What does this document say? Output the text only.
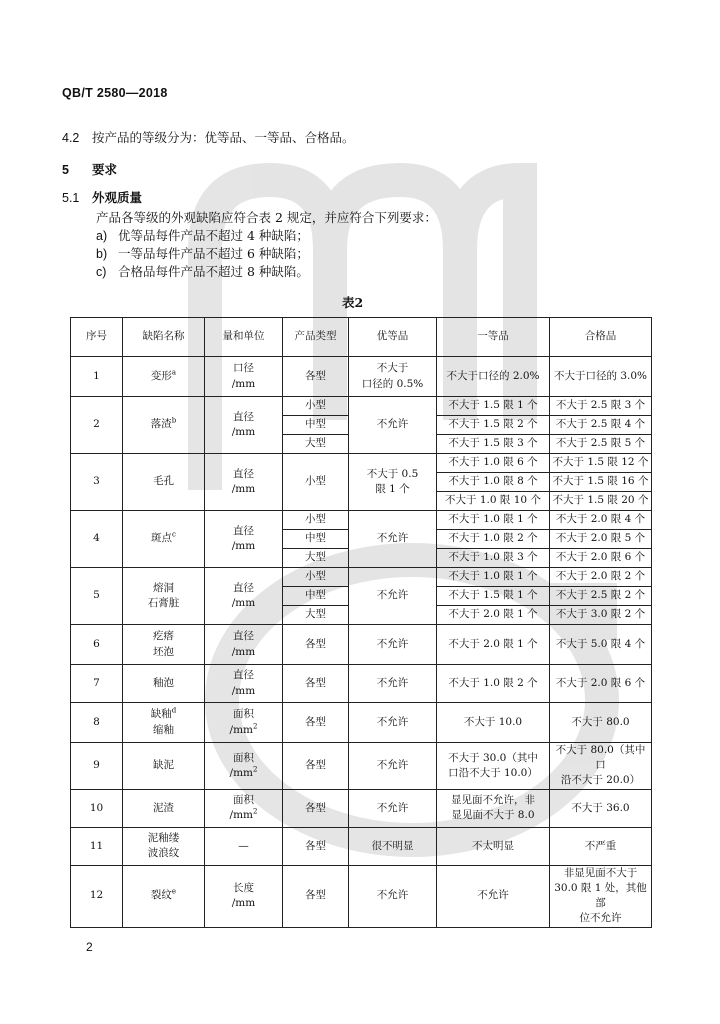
QB/T 2580—2018
4.2 按产品的等级分为：优等品、一等品、合格品。
5 要求
5.1 外观质量
产品各等级的外观缺陷应符合表 2 规定，并应符合下列要求：
a) 优等品每件产品不超过 4 种缺陷；
b) 一等品每件产品不超过 6 种缺陷；
c) 合格品每件产品不超过 8 种缺陷。
表2
序号	缺陷名称	量和单位	产品类型	优等品	一等品	合格品
1	变形$^a$	口径
/mm	各型	不大于
口径的 0.5%	不大于口径的 2.0%	不大于口径的 3.0%
2	落渣$^b$	直径
/mm	小型	不允许	不大于 1.5 限 1 个	不大于 2.5 限 3 个
			中型		不大于 1.5 限 2 个	不大于 2.5 限 4 个
			大型		不大于 1.5 限 3 个	不大于 2.5 限 5 个
3	毛孔	直径
/mm	小型	不大于 0.5
限 1 个	不大于 1.0 限 6 个	不大于 1.5 限 12 个
					不大于 1.0 限 8 个	不大于 1.5 限 16 个
					不大于 1.0 限 10 个	不大于 1.5 限 20 个
4	斑点$^c$	直径
/mm	小型	不允许	不大于 1.0 限 1 个	不大于 2.0 限 4 个
			中型		不大于 1.0 限 2 个	不大于 2.0 限 5 个
			大型		不大于 1.0 限 3 个	不大于 2.0 限 6 个
5	熔洞
石膏脏	直径
/mm	小型	不允许	不大于 1.0 限 1 个	不大于 2.0 限 2 个
			中型		不大于 1.5 限 1 个	不大于 2.5 限 2 个
			大型		不大于 2.0 限 1 个	不大于 3.0 限 2 个
6	疙瘩
坯泡	直径
/mm	各型	不允许	不大于 2.0 限 1 个	不大于 5.0 限 4 个
7	釉泡	直径
/mm	各型	不允许	不大于 1.0 限 2 个	不大于 2.0 限 6 个
8	缺釉$^d$
缩釉	面积
$/mm^2$	各型	不允许	不大于 10.0	不大于 80.0
9	缺泥	面积
$/mm^2$	各型	不允许	不大于 30.0（其中
口沿不大于 10.0）	不大于 80.0（其中口
沿不大于 20.0）
10	泥渣	面积
$/mm^2$	各型	不允许	显见面不允许，非
显见面不大于 8.0	不大于 36.0
11	泥釉缕
波浪纹	—	各型	很不明显	不太明显	不严重
12	裂纹$^e$	长度
/mm	各型	不允许	不允许	非显见面不大于
30.0 限 1 处，其他部
位不允许
2
